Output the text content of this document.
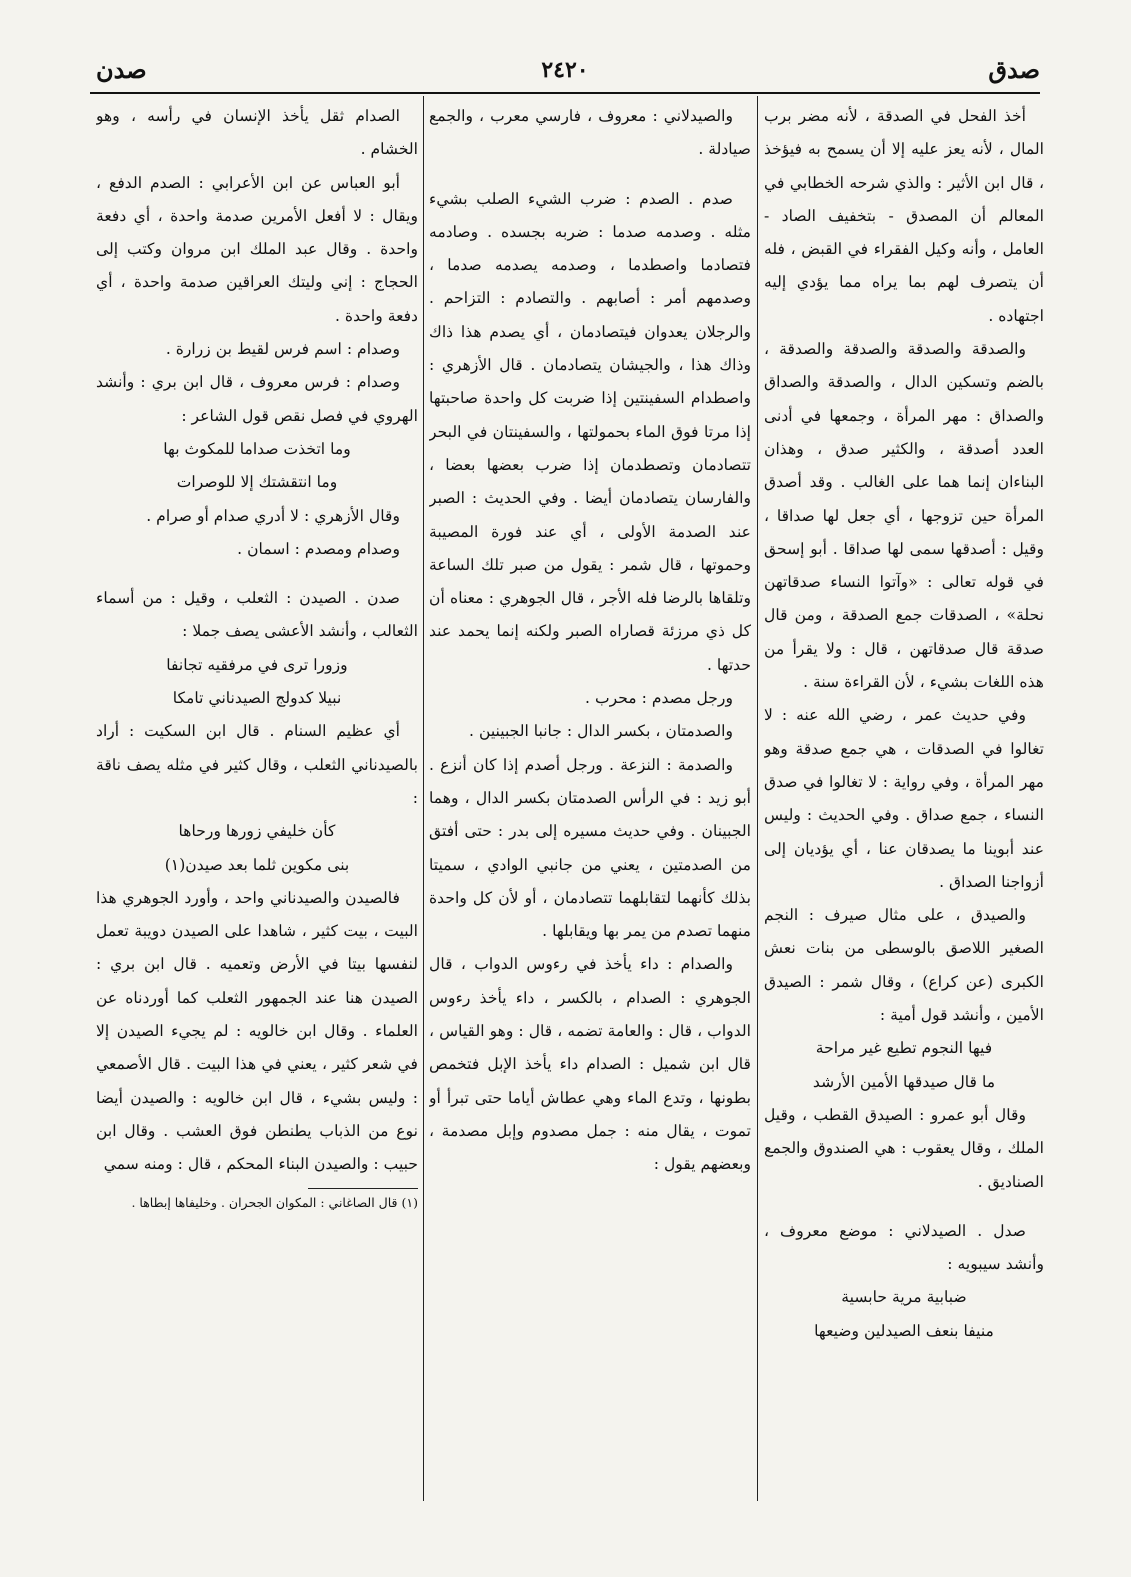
صدق
٢٤٢٠
صدن

أخذ الفحل في الصدقة ، لأنه مضر برب المال ، لأنه يعز عليه إلا أن يسمح به فيؤخذ ، قال ابن الأثير : والذي شرحه الخطابي في المعالم أن المصدق - بتخفيف الصاد - العامل ، وأنه وكيل الفقراء في القبض ، فله أن يتصرف لهم بما يراه مما يؤدي إليه اجتهاده .

والصدقة والصدقة والصدقة والصدقة ، بالضم وتسكين الدال ، والصدقة والصداق والصداق : مهر المرأة ، وجمعها في أدنى العدد أصدقة ، والكثير صدق ، وهذان البناءان إنما هما على الغالب . وقد أصدق المرأة حين تزوجها ، أي جعل لها صداقا ، وقيل : أصدقها سمى لها صداقا . أبو إسحق في قوله تعالى : «وآتوا النساء صدقاتهن نحلة» ، الصدقات جمع الصدقة ، ومن قال صدقة قال صدقاتهن ، قال : ولا يقرأ من هذه اللغات بشيء ، لأن القراءة سنة .

وفي حديث عمر ، رضي الله عنه : لا تغالوا في الصدقات ، هي جمع صدقة وهو مهر المرأة ، وفي رواية : لا تغالوا في صدق النساء ، جمع صداق . وفي الحديث : وليس عند أبوينا ما يصدقان عنا ، أي يؤديان إلى أزواجنا الصداق .

والصيدق ، على مثال صيرف : النجم الصغير اللاصق بالوسطى من بنات نعش الكبرى (عن كراع) ، وقال شمر : الصيدق الأمين ، وأنشد قول أمية :

فيها النجوم تطيع غير مراحة

ما قال صيدقها الأمين الأرشد

وقال أبو عمرو : الصيدق القطب ، وقيل الملك ، وقال يعقوب : هي الصندوق والجمع الصناديق .

صدل . الصيدلاني : موضع معروف ، وأنشد سيبويه :

ضبابية مرية حابسية

منيفا بنعف الصيدلين وضيعها

والصيدلاني : معروف ، فارسي معرب ، والجمع صيادلة .

صدم . الصدم : ضرب الشيء الصلب بشيء مثله . وصدمه صدما : ضربه بجسده . وصادمه فتصادما واصطدما ، وصدمه يصدمه صدما ، وصدمهم أمر : أصابهم . والتصادم : التزاحم . والرجلان يعدوان فيتصادمان ، أي يصدم هذا ذاك وذاك هذا ، والجيشان يتصادمان . قال الأزهري : واصطدام السفينتين إذا ضربت كل واحدة صاحبتها إذا مرتا فوق الماء بحمولتها ، والسفينتان في البحر تتصادمان وتصطدمان إذا ضرب بعضها بعضا ، والفارسان يتصادمان أيضا . وفي الحديث : الصبر عند الصدمة الأولى ، أي عند فورة المصيبة وحموتها ، قال شمر : يقول من صبر تلك الساعة وتلقاها بالرضا فله الأجر ، قال الجوهري : معناه أن كل ذي مرزئة قصاراه الصبر ولكنه إنما يحمد عند حدتها .

ورجل مصدم : محرب .

والصدمتان ، بكسر الدال : جانبا الجبينين .

والصدمة : النزعة . ورجل أصدم إذا كان أنزع . أبو زيد : في الرأس الصدمتان بكسر الدال ، وهما الجبينان . وفي حديث مسيره إلى بدر : حتى أفتق من الصدمتين ، يعني من جانبي الوادي ، سميتا بذلك كأنهما لتقابلهما تتصادمان ، أو لأن كل واحدة منهما تصدم من يمر بها ويقابلها .

والصدام : داء يأخذ في رءوس الدواب ، قال الجوهري : الصدام ، بالكسر ، داء يأخذ رءوس الدواب ، قال : والعامة تضمه ، قال : وهو القياس ، قال ابن شميل : الصدام داء يأخذ الإبل فتخمص بطونها ، وتدع الماء وهي عطاش أياما حتى تبرأ أو تموت ، يقال منه : جمل مصدوم وإبل مصدمة ، وبعضهم يقول :

الصدام ثقل يأخذ الإنسان في رأسه ، وهو الخشام .

أبو العباس عن ابن الأعرابي : الصدم الدفع ، ويقال : لا أفعل الأمرين صدمة واحدة ، أي دفعة واحدة . وقال عبد الملك ابن مروان وكتب إلى الحجاج : إني وليتك العراقين صدمة واحدة ، أي دفعة واحدة .

وصدام : اسم فرس لقيط بن زرارة .

وصدام : فرس معروف ، قال ابن بري : وأنشد الهروي في فصل نقص قول الشاعر :

وما اتخذت صداما للمكوث بها

وما انتقشتك إلا للوصرات

وقال الأزهري : لا أدري صدام أو صرام .

وصدام ومصدم : اسمان .

صدن . الصيدن : الثعلب ، وقيل : من أسماء الثعالب ، وأنشد الأعشى يصف جملا :

وزورا ترى في مرفقيه تجانفا

نبيلا كدولج الصيدناني تامكا

أي عظيم السنام . قال ابن السكيت : أراد بالصيدناني الثعلب ، وقال كثير في مثله يصف ناقة :

كأن خليفي زورها ورحاها

بنى مكوين ثلما بعد صيدن(١)

فالصيدن والصيدناني واحد ، وأورد الجوهري هذا البيت ، بيت كثير ، شاهدا على الصيدن دويبة تعمل لنفسها بيتا في الأرض وتعميه . قال ابن بري : الصيدن هنا عند الجمهور الثعلب كما أوردناه عن العلماء . وقال ابن خالويه : لم يجيء الصيدن إلا في شعر كثير ، يعني في هذا البيت . قال الأصمعي : وليس بشيء ، قال ابن خالويه : والصيدن أيضا نوع من الذباب يطنطن فوق العشب . وقال ابن حبيب : والصيدن البناء المحكم ، قال : ومنه سمي

(١) قال الصاغاني : المكوان الجحران . وخليفاها إبطاها .
